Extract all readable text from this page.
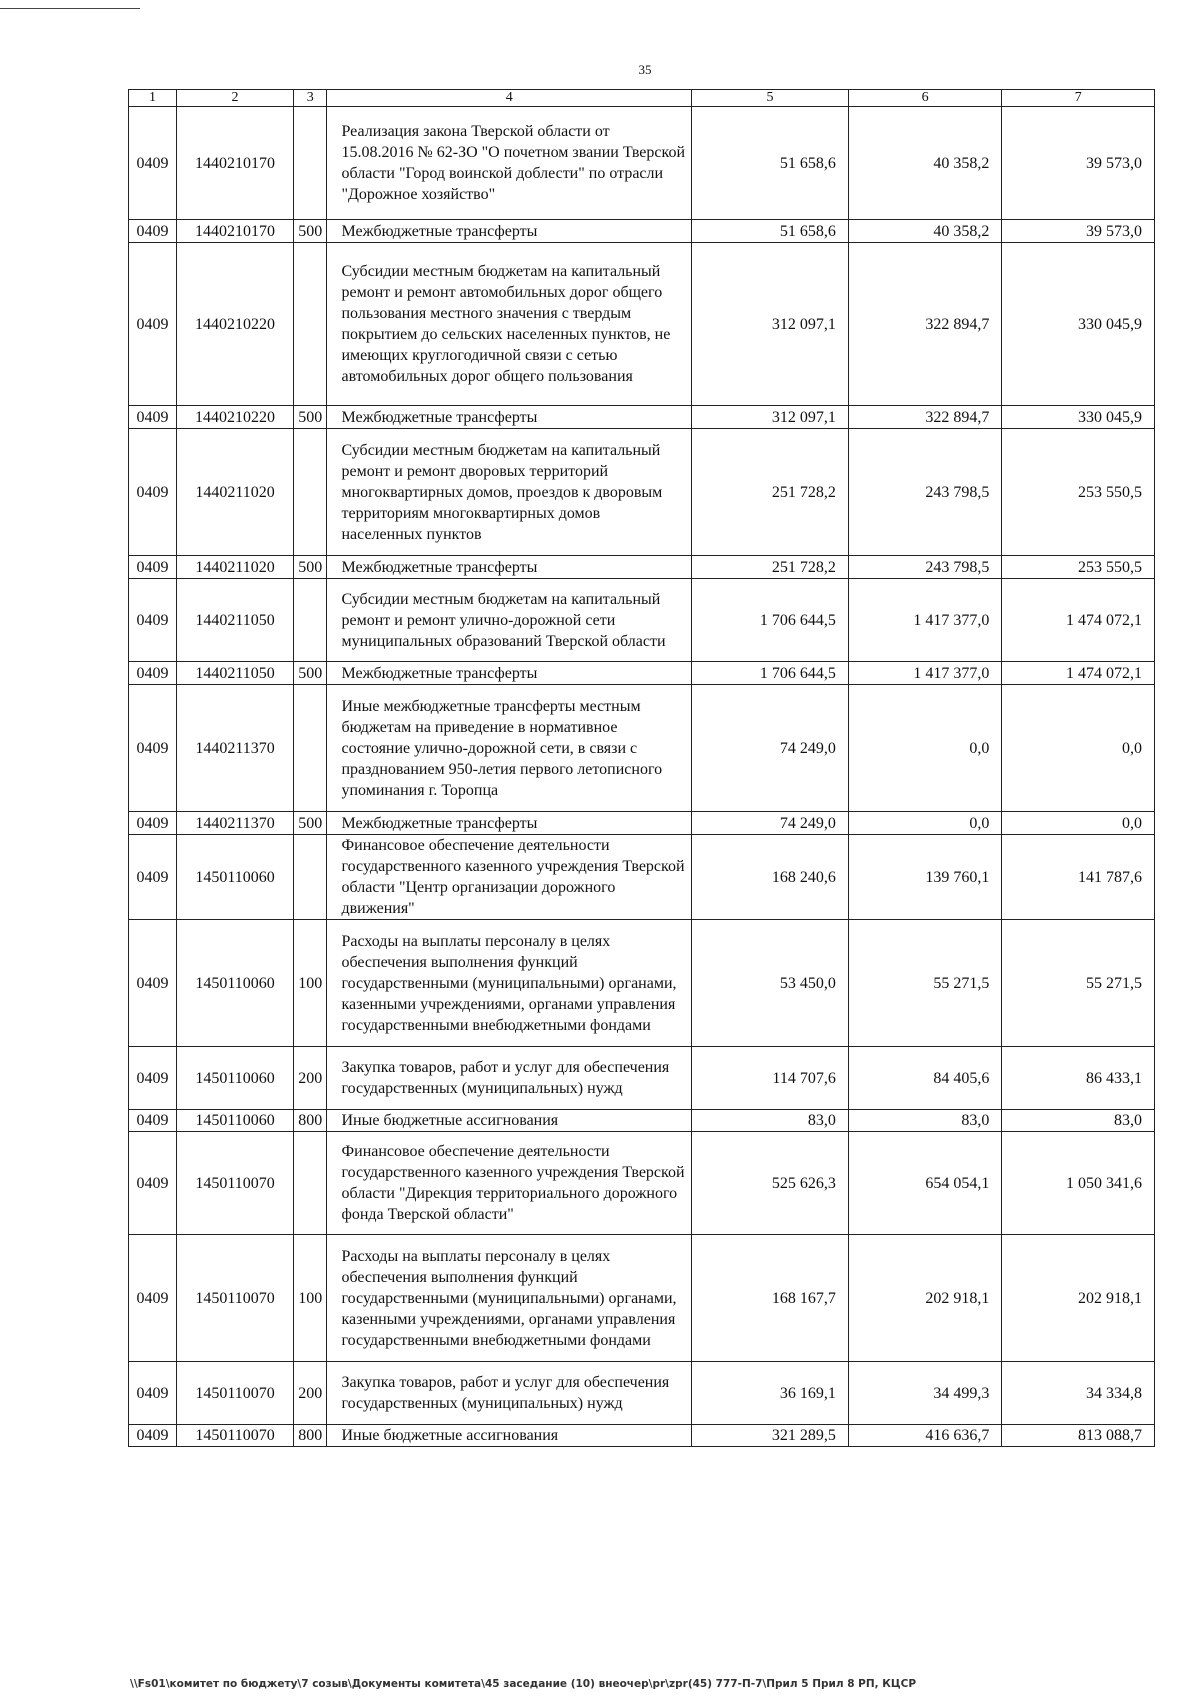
35
1	2	3	4	5	6	7
0409	1440210170		Реализация закона Тверской области от 15.08.2016 № 62-ЗО "О почетном звании Тверской области "Город воинской доблести" по отрасли "Дорожное хозяйство"	51 658,6	40 358,2	39 573,0
0409	1440210170	500	Межбюджетные трансферты	51 658,6	40 358,2	39 573,0
0409	1440210220		Субсидии местным бюджетам на капитальный ремонт и ремонт автомобильных дорог общего пользования местного значения с твердым покрытием до сельских населенных пунктов, не имеющих круглогодичной связи с сетью автомобильных дорог общего пользования	312 097,1	322 894,7	330 045,9
0409	1440210220	500	Межбюджетные трансферты	312 097,1	322 894,7	330 045,9
0409	1440211020		Субсидии местным бюджетам на капитальный ремонт и ремонт дворовых территорий многоквартирных домов, проездов к дворовым территориям многоквартирных домов населенных пунктов	251 728,2	243 798,5	253 550,5
0409	1440211020	500	Межбюджетные трансферты	251 728,2	243 798,5	253 550,5
0409	1440211050		Субсидии местным бюджетам на капитальный ремонт и ремонт улично-дорожной сети муниципальных образований Тверской области	1 706 644,5	1 417 377,0	1 474 072,1
0409	1440211050	500	Межбюджетные трансферты	1 706 644,5	1 417 377,0	1 474 072,1
0409	1440211370		Иные межбюджетные трансферты местным бюджетам на приведение в нормативное состояние улично-дорожной сети, в связи с празднованием 950-летия первого летописного упоминания г. Торопца	74 249,0	0,0	0,0
0409	1440211370	500	Межбюджетные трансферты	74 249,0	0,0	0,0
0409	1450110060		Финансовое обеспечение деятельности государственного казенного учреждения Тверской области "Центр организации дорожного движения"	168 240,6	139 760,1	141 787,6
0409	1450110060	100	Расходы на выплаты персоналу в целях обеспечения выполнения функций государственными (муниципальными) органами, казенными учреждениями, органами управления государственными внебюджетными фондами	53 450,0	55 271,5	55 271,5
0409	1450110060	200	Закупка товаров, работ и услуг для обеспечения государственных (муниципальных) нужд	114 707,6	84 405,6	86 433,1
0409	1450110060	800	Иные бюджетные ассигнования	83,0	83,0	83,0
0409	1450110070		Финансовое обеспечение деятельности государственного казенного учреждения Тверской области "Дирекция территориального дорожного фонда Тверской области"	525 626,3	654 054,1	1 050 341,6
0409	1450110070	100	Расходы на выплаты персоналу в целях обеспечения выполнения функций государственными (муниципальными) органами, казенными учреждениями, органами управления государственными внебюджетными фондами	168 167,7	202 918,1	202 918,1
0409	1450110070	200	Закупка товаров, работ и услуг для обеспечения государственных (муниципальных) нужд	36 169,1	34 499,3	34 334,8
0409	1450110070	800	Иные бюджетные ассигнования	321 289,5	416 636,7	813 088,7
\\Fs01\комитет по бюджету\7 созыв\Документы комитета\45 заседание (10) внеочер\pr\zpr(45) 777-П-7\Прил 5 Прил 8 РП, КЦСР
